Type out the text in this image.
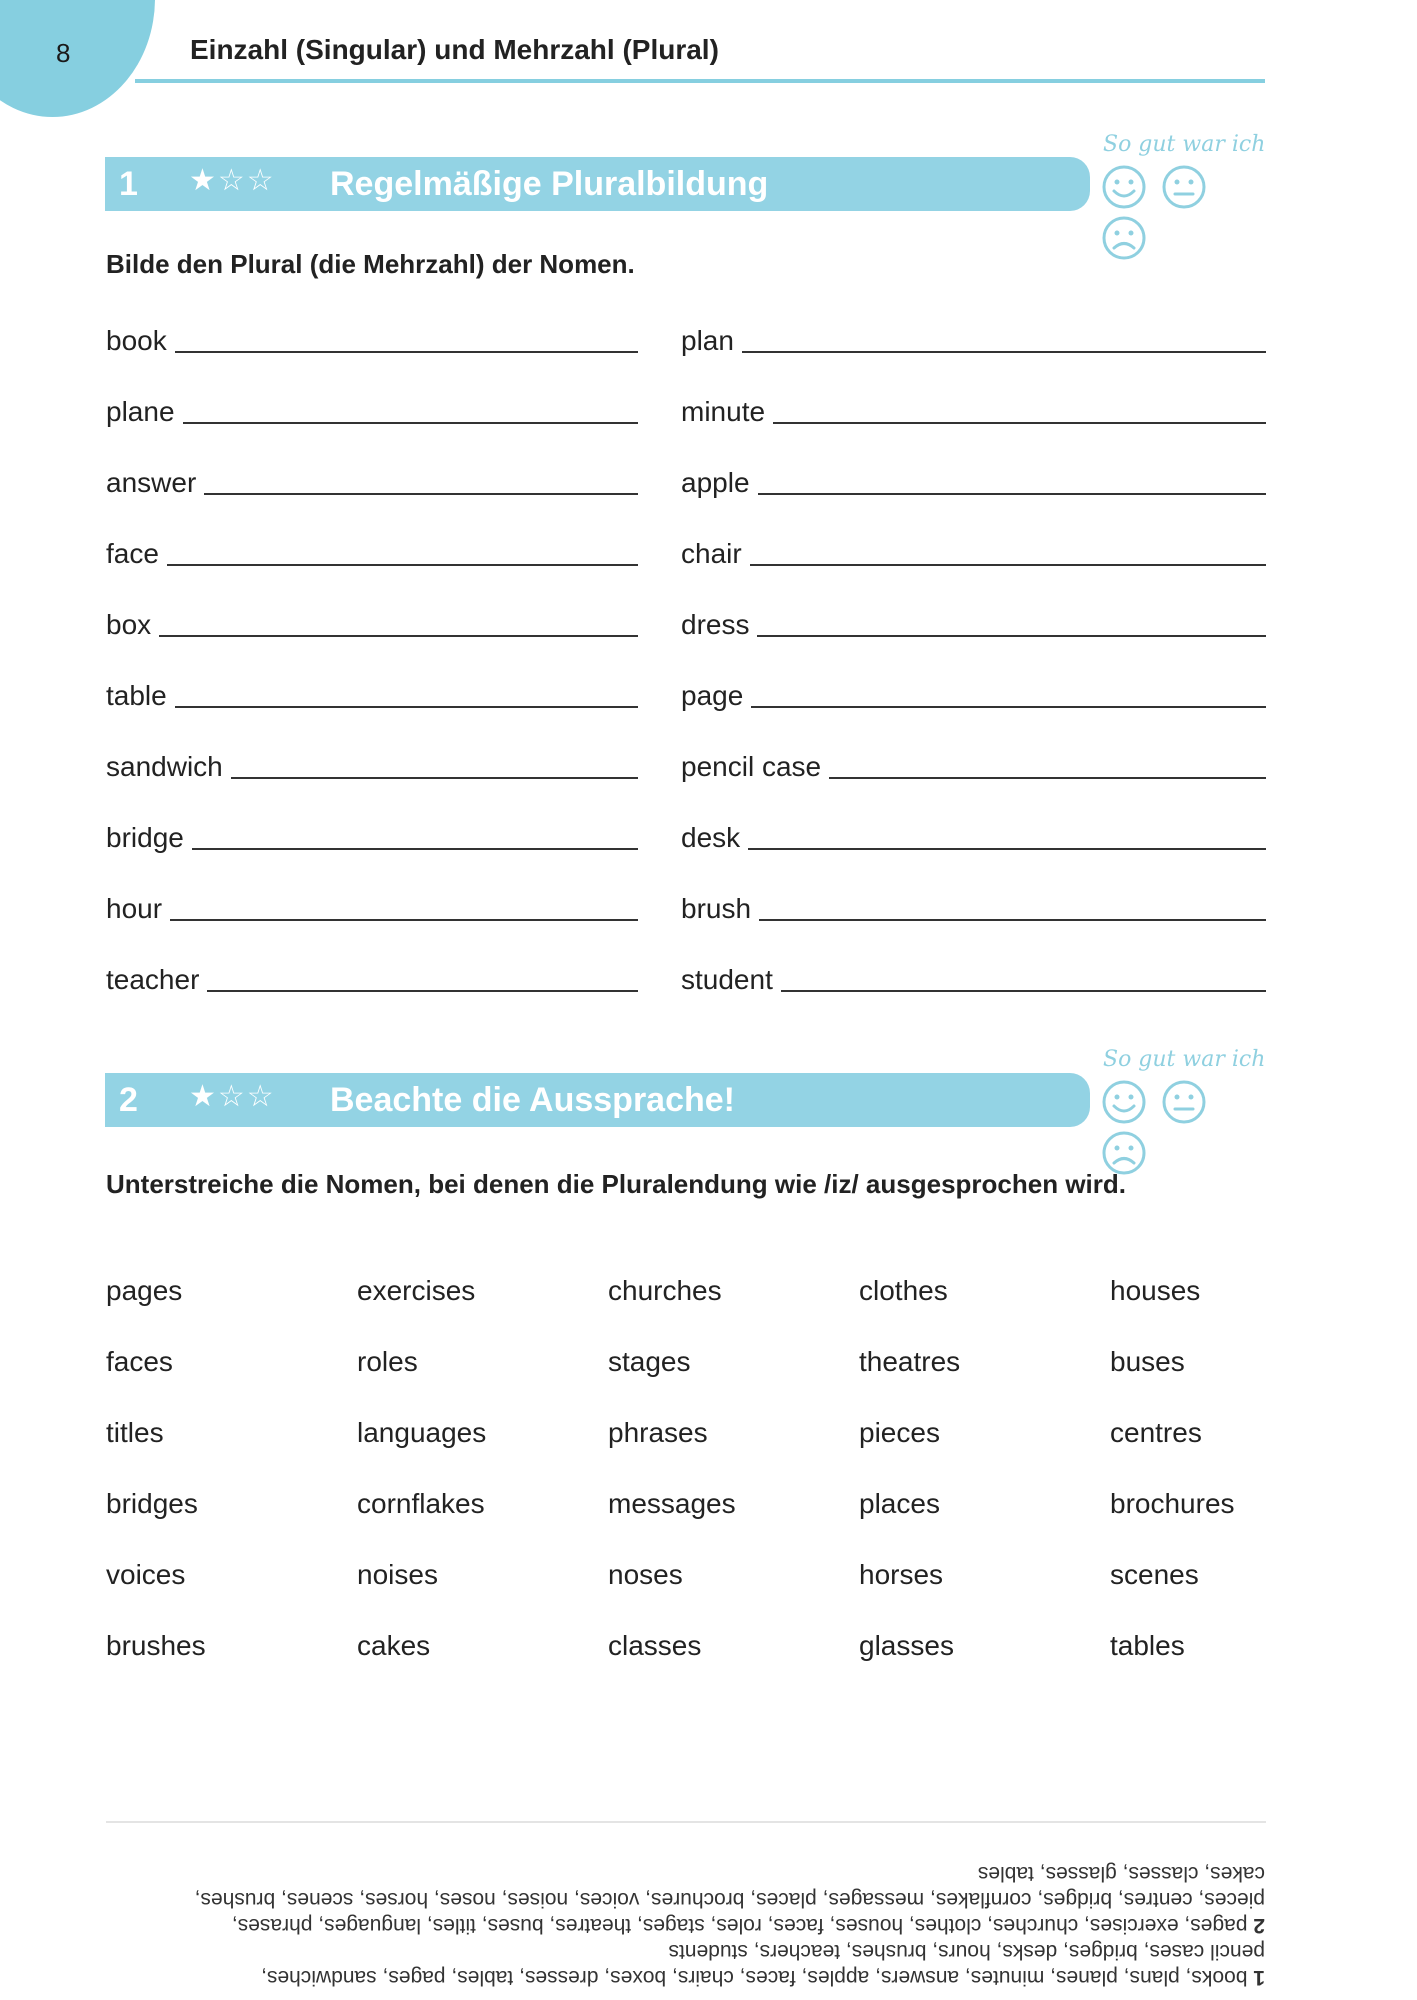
8	Einzahl (Singular) und Mehrzahl (Plural)
So gut war ich

1 ★☆☆ Regelmäßige Pluralbildung
Bilde den Plural (die Mehrzahl) der Nomen.
book
plane
answer
face
box
table
sandwich
bridge
hour
teacher
plan
minute
apple
chair
dress
page
pencil case
desk
brush
student
So gut war ich

2 ★☆☆ Beachte die Aussprache!
Unterstreiche die Nomen, bei denen die Pluralendung wie /iz/ ausgesprochen wird.
pages	exercises	churches	clothes	houses
faces	roles	stages	theatres	buses
titles	languages	phrases	pieces	centres
bridges	cornflakes	messages	places	brochures
voices	noises	noses	horses	scenes
brushes	cakes	classes	glasses	tables

1 books, plans, planes, minutes, answers, apples, faces, chairs, boxes, dresses, tables, pages, sandwiches,

pencil cases, bridges, desks, hours, brushes, teachers, students

2 pages, exercises, churches, clothes, houses, faces, roles, stages, theatres, buses, titles, languages, phrases,

pieces, centres, bridges, cornflakes, messages, places, brochures, voices, noises, noses, horses, scenes, brushes,

cakes, classes, glasses, tables
